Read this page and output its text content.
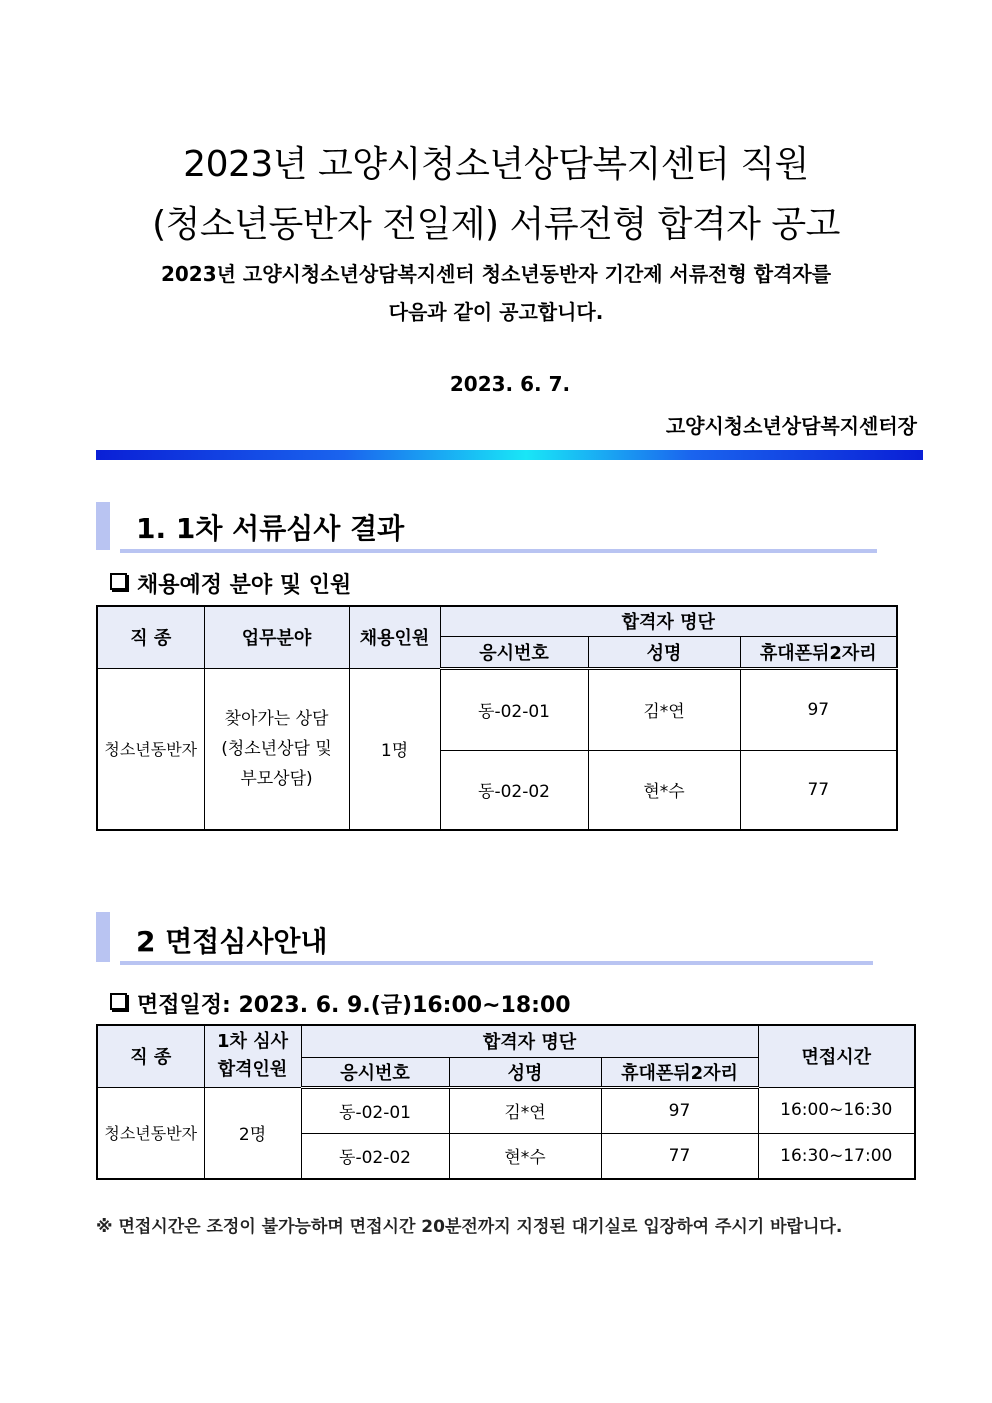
2023년 고양시청소년상담복지센터 직원
(청소년동반자 전일제) 서류전형 합격자 공고
2023년 고양시청소년상담복지센터 청소년동반자 기간제 서류전형 합격자를
다음과 같이 공고합니다.
2023. 6. 7.
고양시청소년상담복지센터장
1. 1차 서류심사 결과
채용예정 분야 및 인원
직 종	업무분야	채용인원	합격자 명단		
			응시번호	성명	휴대폰뒤2자리
청소년동반자	찾아가는 상담
(청소년상담 및
부모상담)	1명	동-02-01	김*연	97
			동-02-02	현*수	77
2 면접심사안내
면접일정: 2023. 6. 9.(금)16:00~18:00
직 종	1차 심사
합격인원	합격자 명단			면접시간
		응시번호	성명	휴대폰뒤2자리	
청소년동반자	2명	동-02-01	김*연	97	16:00~16:30
		동-02-02	현*수	77	16:30~17:00
※ 면접시간은 조정이 불가능하며 면접시간 20분전까지 지정된 대기실로 입장하여 주시기 바랍니다.
